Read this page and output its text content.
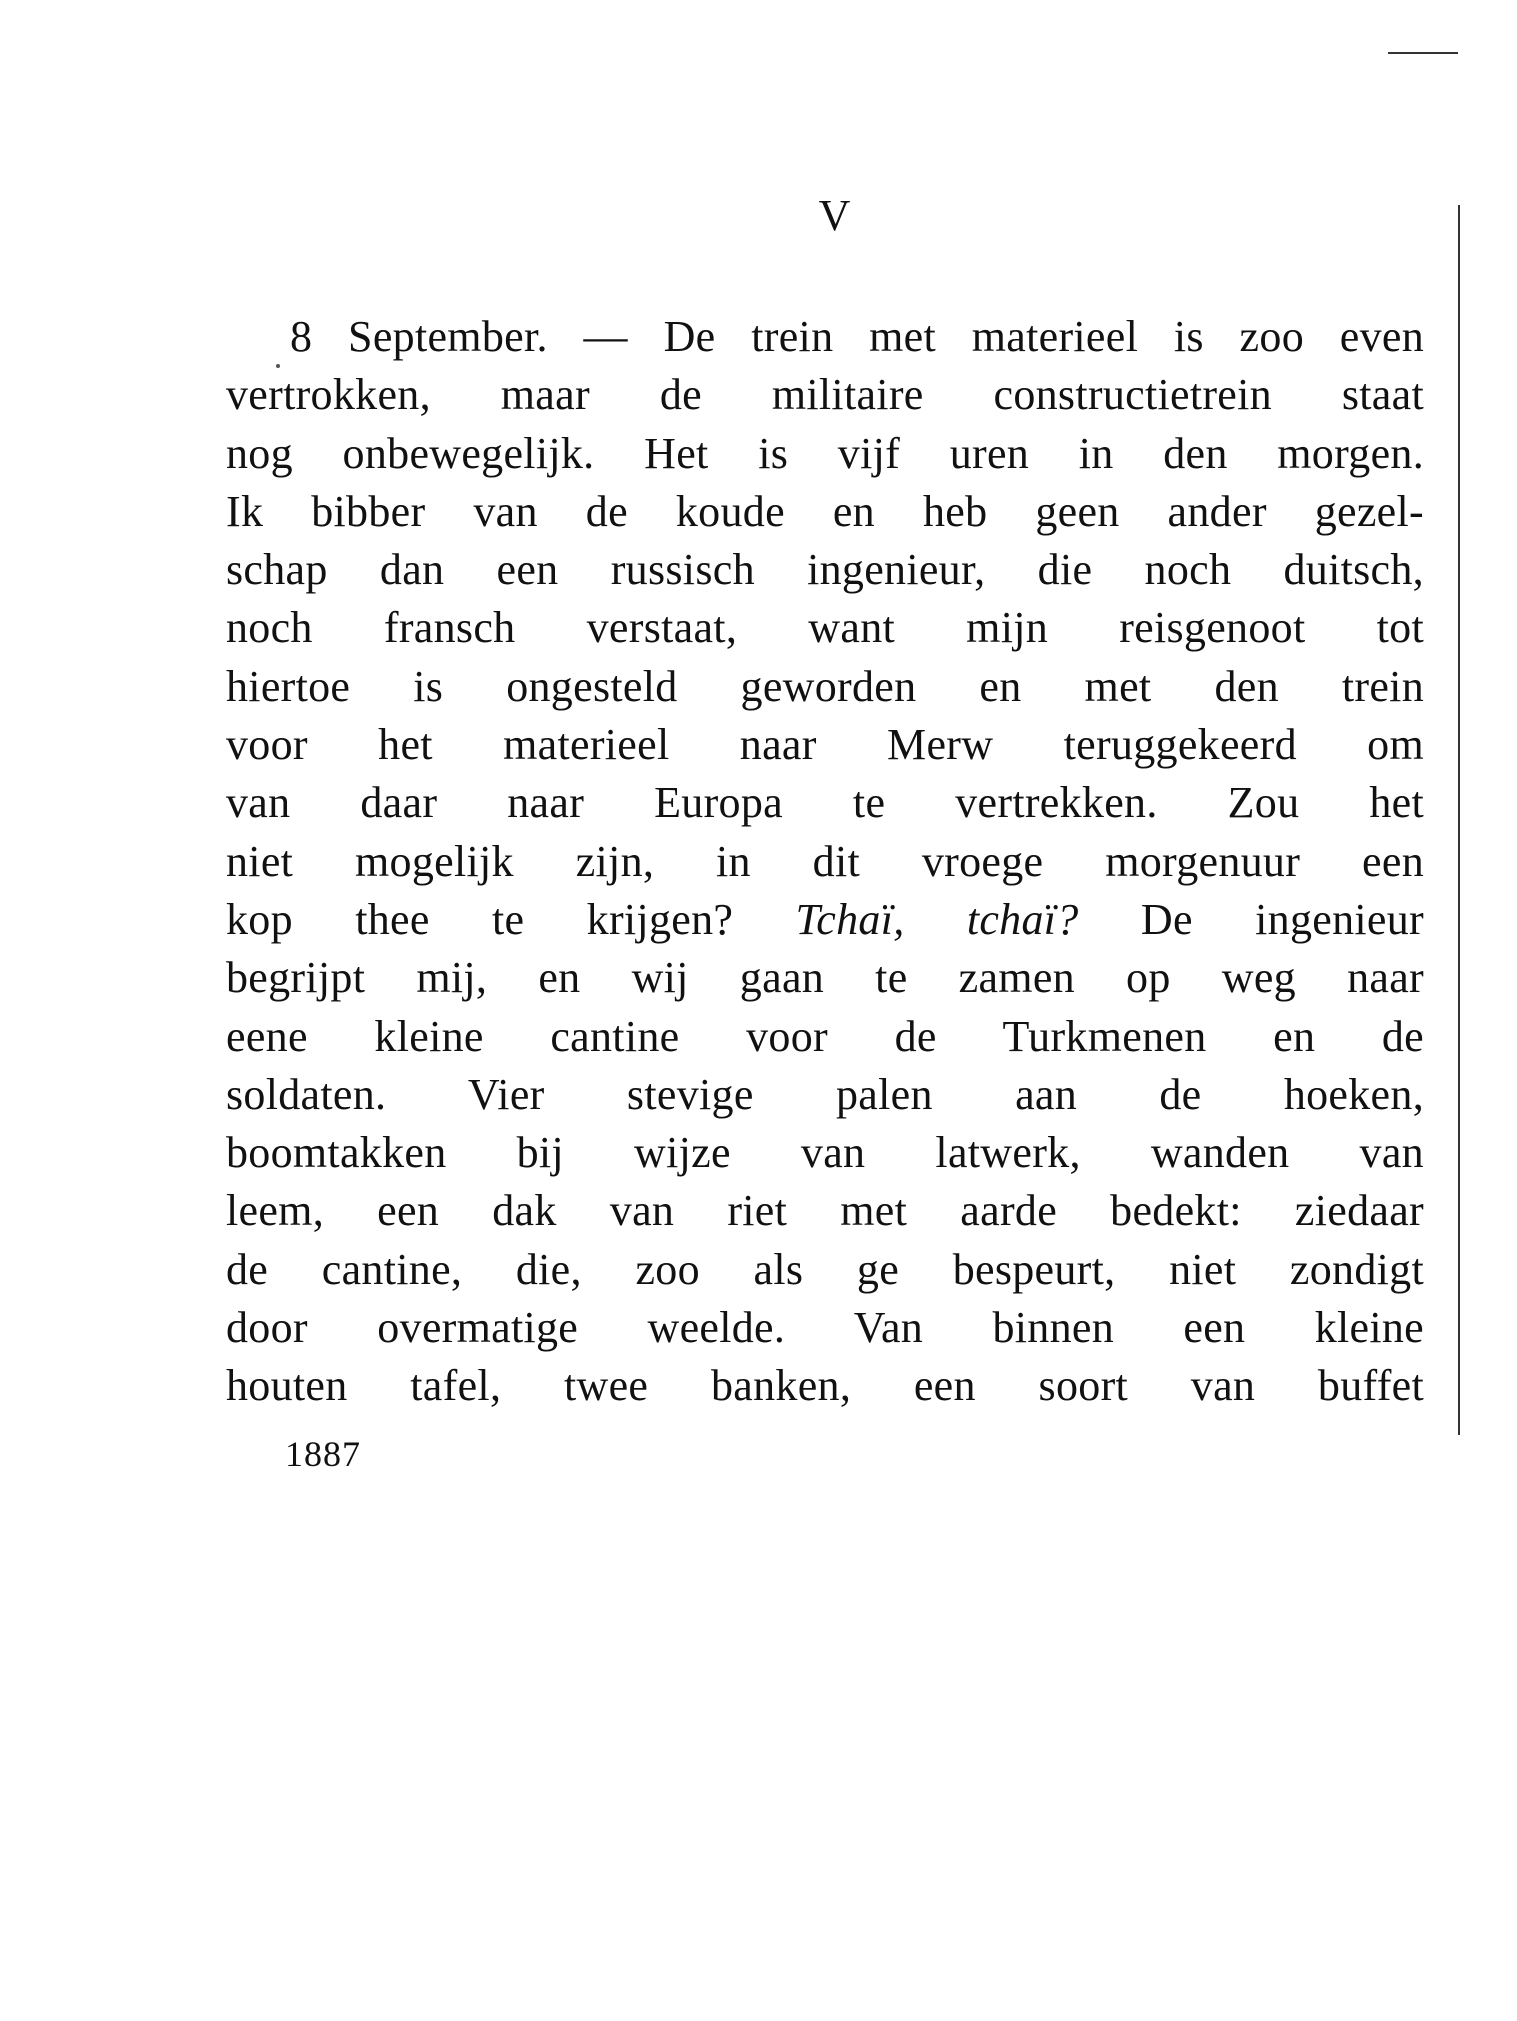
V
8 September. — De trein met materieel is zoo even
vertrokken, maar de militaire constructietrein staat
nog onbewegelijk. Het is vijf uren in den morgen.
Ik bibber van de koude en heb geen ander gezel-
schap dan een russisch ingenieur, die noch duitsch,
noch fransch verstaat, want mijn reisgenoot tot
hiertoe is ongesteld geworden en met den trein
voor het materieel naar Merw teruggekeerd om
van daar naar Europa te vertrekken. Zou het
niet mogelijk zijn, in dit vroege morgenuur een
kop thee te krijgen? Tchaï, tchaï? De ingenieur
begrijpt mij, en wij gaan te zamen op weg naar
eene kleine cantine voor de Turkmenen en de
soldaten. Vier stevige palen aan de hoeken,
boomtakken bij wijze van latwerk, wanden van
leem, een dak van riet met aarde bedekt: ziedaar
de cantine, die, zoo als ge bespeurt, niet zondigt
door overmatige weelde. Van binnen een kleine
houten tafel, twee banken, een soort van buffet

1887
